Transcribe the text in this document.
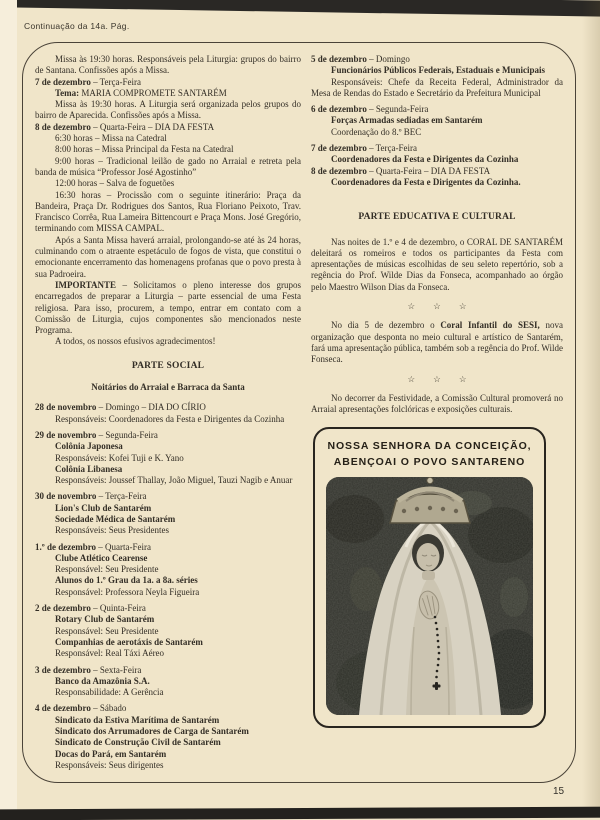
Continuação da 14a. Pág.

Missa às 19:30 horas. Responsáveis pela Liturgia: grupos do bairro de Santana. Confissões após a Missa.

7 de dezembro – Terça-Feira

Tema: MARIA COMPROMETE SANTARÉM

Missa às 19:30 horas. A Liturgia será organizada pelos grupos do bairro de Aparecida. Confissões após a Missa.

8 de dezembro – Quarta-Feira – DIA DA FESTA

6:30 horas – Missa na Catedral

8:00 horas – Missa Principal da Festa na Catedral

9:00 horas – Tradicional leilão de gado no Arraial e retreta pela banda de música “Professor José Agostinho”

12:00 horas – Salva de foguetões

16:30 horas – Procissão com o seguinte itinerário: Praça da Bandeira, Praça Dr. Rodrigues dos Santos, Rua Floriano Peixoto, Trav. Francisco Corrêa, Rua Lameira Bittencourt e Praça Mons. José Gregório, terminando com MISSA CAMPAL.

Após a Santa Missa haverá arraial, prolongando-se até às 24 horas, culminando com o atraente espetáculo de fogos de vista, que constitui o emocionante encerramento das homenagens profanas que o povo presta à sua Padroeira.

IMPORTANTE – Solicitamos o pleno interesse dos grupos encarregados de preparar a Liturgia – parte essencial de uma Festa religiosa. Para isso, procurem, a tempo, entrar em contato com a Comissão de Liturgia, cujos componentes são mencionados neste Programa.

A todos, os nossos efusivos agradecimentos!

PARTE SOCIAL

Noitários do Arraial e Barraca da Santa

28 de novembro – Domingo – DIA DO CÍRIO

Responsáveis: Coordenadores da Festa e Dirigentes da Cozinha

29 de novembro – Segunda-Feira

Colônia Japonesa

Responsáveis: Kofei Tuji e K. Yano

Colônia Libanesa

Responsáveis: Joussef Thallay, João Miguel, Tauzi Nagib e Anuar

30 de novembro – Terça-Feira

Lion's Club de Santarém

Sociedade Médica de Santarém

Responsáveis: Seus Presidentes

1.º de dezembro – Quarta-Feira

Clube Atlético Cearense

Responsável: Seu Presidente

Alunos do 1.º Grau da 1a. a 8a. séries

Responsável: Professora Neyla Figueira

2 de dezembro – Quinta-Feira

Rotary Club de Santarém

Responsável: Seu Presidente

Companhias de aerotáxis de Santarém

Responsável: Real Táxi Aéreo

3 de dezembro – Sexta-Feira

Banco da Amazônia S.A.

Responsabilidade: A Gerência

4 de dezembro – Sábado

Sindicato da Estiva Marítima de Santarém

Sindicato dos Arrumadores de Carga de Santarém

Sindicato de Construção Civil de Santarém

Docas do Pará, em Santarém

Responsáveis: Seus dirigentes

5 de dezembro – Domingo

Funcionários Públicos Federais, Estaduais e Municipais

Responsáveis: Chefe da Receita Federal, Administrador da Mesa de Rendas do Estado e Secretário da Prefeitura Municipal

6 de dezembro – Segunda-Feira

Forças Armadas sediadas em Santarém

Coordenação do 8.º BEC

7 de dezembro – Terça-Feira

Coordenadores da Festa e Dirigentes da Cozinha

8 de dezembro – Quarta-Feira – DIA DA FESTA

Coordenadores da Festa e Dirigentes da Cozinha.

PARTE EDUCATIVA E CULTURAL

Nas noites de 1.º e 4 de dezembro, o CORAL DE SANTARÉM deleitará os romeiros e todos os participantes da Festa com apresentações de músicas escolhidas de seu seleto repertório, sob a regência do Prof. Wilde Dias da Fonseca, acompanhado ao órgão pelo Maestro Wilson Dias da Fonseca.

☆ ☆ ☆

No dia 5 de dezembro o Coral Infantil do SESI, nova organização que desponta no meio cultural e artístico de Santarém, fará uma apresentação pública, também sob a regência do Prof. Wilde Fonseca.

☆ ☆ ☆

No decorrer da Festividade, a Comissão Cultural promoverá no Arraial apresentações folclóricas e exposições culturais.

NOSSA SENHORA DA CONCEIÇÃO,
ABENÇOAI O POVO SANTARENO
15
